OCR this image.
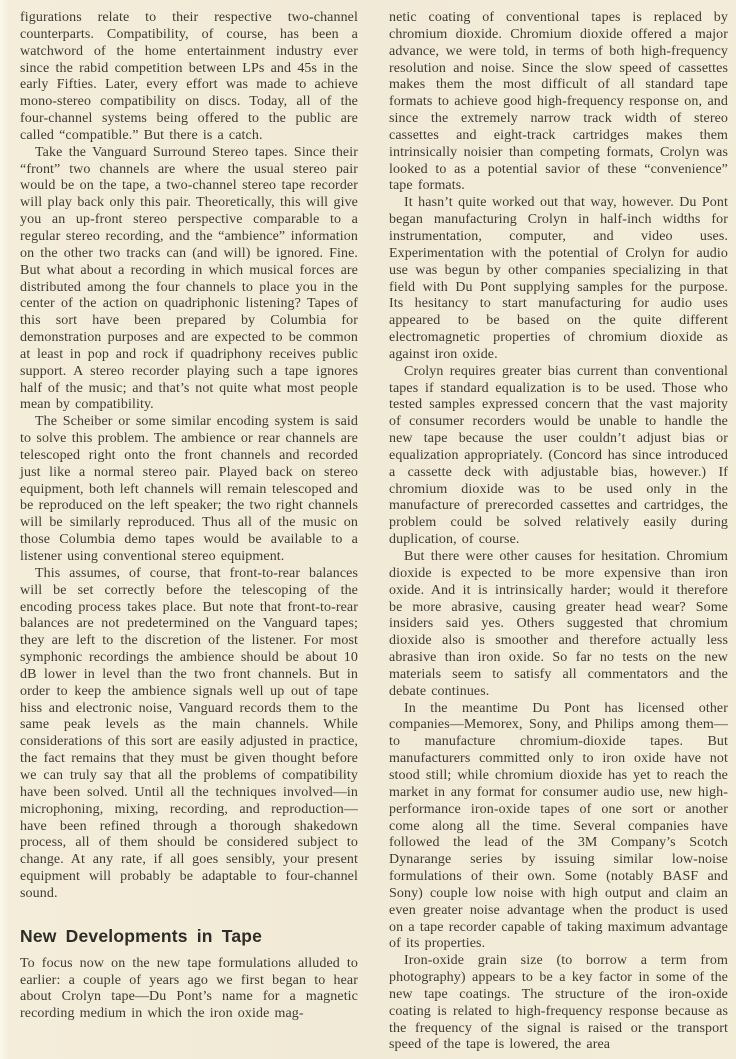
figurations relate to their respective two-channel counterparts. Compatibility, of course, has been a watchword of the home entertainment industry ever since the rabid competition between LPs and 45s in the early Fifties. Later, every effort was made to achieve mono-stereo compatibility on discs. Today, all of the four-channel systems being offered to the public are called “compatible.” But there is a catch.

Take the Vanguard Surround Stereo tapes. Since their “front” two channels are where the usual stereo pair would be on the tape, a two-channel stereo tape recorder will play back only this pair. Theoretically, this will give you an up-front stereo perspective comparable to a regular stereo recording, and the “ambience” information on the other two tracks can (and will) be ignored. Fine. But what about a recording in which musical forces are distributed among the four channels to place you in the center of the action on quadriphonic listening? Tapes of this sort have been prepared by Columbia for demonstration purposes and are expected to be common at least in pop and rock if quadriphony receives public support. A stereo recorder playing such a tape ignores half of the music; and that’s not quite what most people mean by compatibility.

The Scheiber or some similar encoding system is said to solve this problem. The ambience or rear channels are telescoped right onto the front channels and recorded just like a normal stereo pair. Played back on stereo equipment, both left channels will remain telescoped and be reproduced on the left speaker; the two right channels will be similarly reproduced. Thus all of the music on those Columbia demo tapes would be available to a listener using conventional stereo equipment.

This assumes, of course, that front-to-rear balances will be set correctly before the telescoping of the encoding process takes place. But note that front-to-rear balances are not predetermined on the Vanguard tapes; they are left to the discretion of the listener. For most symphonic recordings the ambience should be about 10 dB lower in level than the two front channels. But in order to keep the ambience signals well up out of tape hiss and electronic noise, Vanguard records them to the same peak levels as the main channels. While considerations of this sort are easily adjusted in practice, the fact remains that they must be given thought before we can truly say that all the problems of compatibility have been solved. Until all the techniques involved—in microphoning, mixing, recording, and reproduction—have been refined through a thorough shakedown process, all of them should be considered subject to change. At any rate, if all goes sensibly, your present equipment will probably be adaptable to four-channel sound.

New Developments in Tape

To focus now on the new tape formulations alluded to earlier: a couple of years ago we first began to hear about Crolyn tape—Du Pont’s name for a magnetic recording medium in which the iron oxide mag-

netic coating of conventional tapes is replaced by chromium dioxide. Chromium dioxide offered a major advance, we were told, in terms of both high-frequency resolution and noise. Since the slow speed of cassettes makes them the most difficult of all standard tape formats to achieve good high-frequency response on, and since the extremely narrow track width of stereo cassettes and eight-track cartridges makes them intrinsically noisier than competing formats, Crolyn was looked to as a potential savior of these “convenience” tape formats.

It hasn’t quite worked out that way, however. Du Pont began manufacturing Crolyn in half-inch widths for instrumentation, computer, and video uses. Experimentation with the potential of Crolyn for audio use was begun by other companies specializing in that field with Du Pont supplying samples for the purpose. Its hesitancy to start manufacturing for audio uses appeared to be based on the quite different electromagnetic properties of chromium dioxide as against iron oxide.

Crolyn requires greater bias current than conventional tapes if standard equalization is to be used. Those who tested samples expressed concern that the vast majority of consumer recorders would be unable to handle the new tape because the user couldn’t adjust bias or equalization appropriately. (Concord has since introduced a cassette deck with adjustable bias, however.) If chromium dioxide was to be used only in the manufacture of prerecorded cassettes and cartridges, the problem could be solved relatively easily during duplication, of course.

But there were other causes for hesitation. Chromium dioxide is expected to be more expensive than iron oxide. And it is intrinsically harder; would it therefore be more abrasive, causing greater head wear? Some insiders said yes. Others suggested that chromium dioxide also is smoother and therefore actually less abrasive than iron oxide. So far no tests on the new materials seem to satisfy all commentators and the debate continues.

In the meantime Du Pont has licensed other companies—Memorex, Sony, and Philips among them—to manufacture chromium-dioxide tapes. But manufacturers committed only to iron oxide have not stood still; while chromium dioxide has yet to reach the market in any format for consumer audio use, new high-performance iron-oxide tapes of one sort or another come along all the time. Several companies have followed the lead of the 3M Company’s Scotch Dynarange series by issuing similar low-noise formulations of their own. Some (notably BASF and Sony) couple low noise with high output and claim an even greater noise advantage when the product is used on a tape recorder capable of taking maximum advantage of its properties.

Iron-oxide grain size (to borrow a term from photography) appears to be a key factor in some of the new tape coatings. The structure of the iron-oxide coating is related to high-frequency response because as the frequency of the signal is raised or the transport speed of the tape is lowered, the area
